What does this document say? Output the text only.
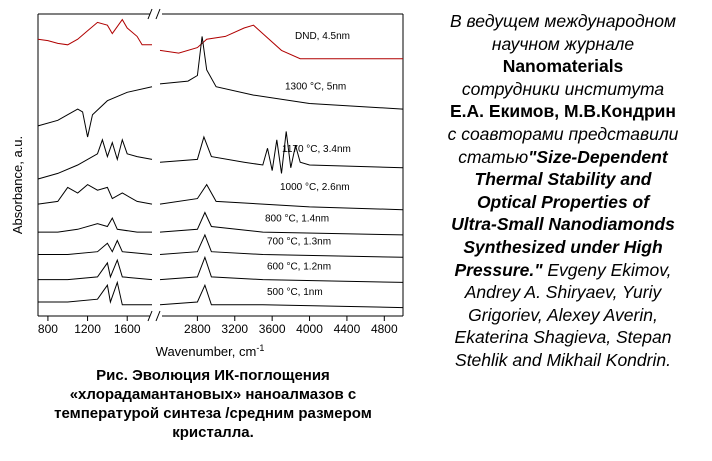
800 1200 1600	2800 3200 3600 4000 4400 4800
DND, 4.5nm
1300 °C, 5nm
1170 °C, 3.4nm
1000 °C, 2.6nm
800 °C, 1.4nm
700 °C, 1.3nm
600 °C, 1.2nm
500 °C, 1nm
Absorbance, a.u.
Wavenumber, $cm^{-1}$
Рис. Эволюция ИК-поглощения
«хлорадамантановых» наноалмазов с
температурой синтеза /средним размером
кристалла.
В ведущем международном
научном журнале
Nanomaterials
сотрудники института
Е.А. Екимов, М.В.Кондрин
с соавторами представили
статью"Size-Dependent
Thermal Stability and
Optical Properties of
Ultra-Small Nanodiamonds
Synthesized under High
Pressure." Evgeny Ekimov,
Andrey A. Shiryaev, Yuriy
Grigoriev, Alexey Averin,
Ekaterina Shagieva, Stepan
Stehlik and Mikhail Kondrin.
